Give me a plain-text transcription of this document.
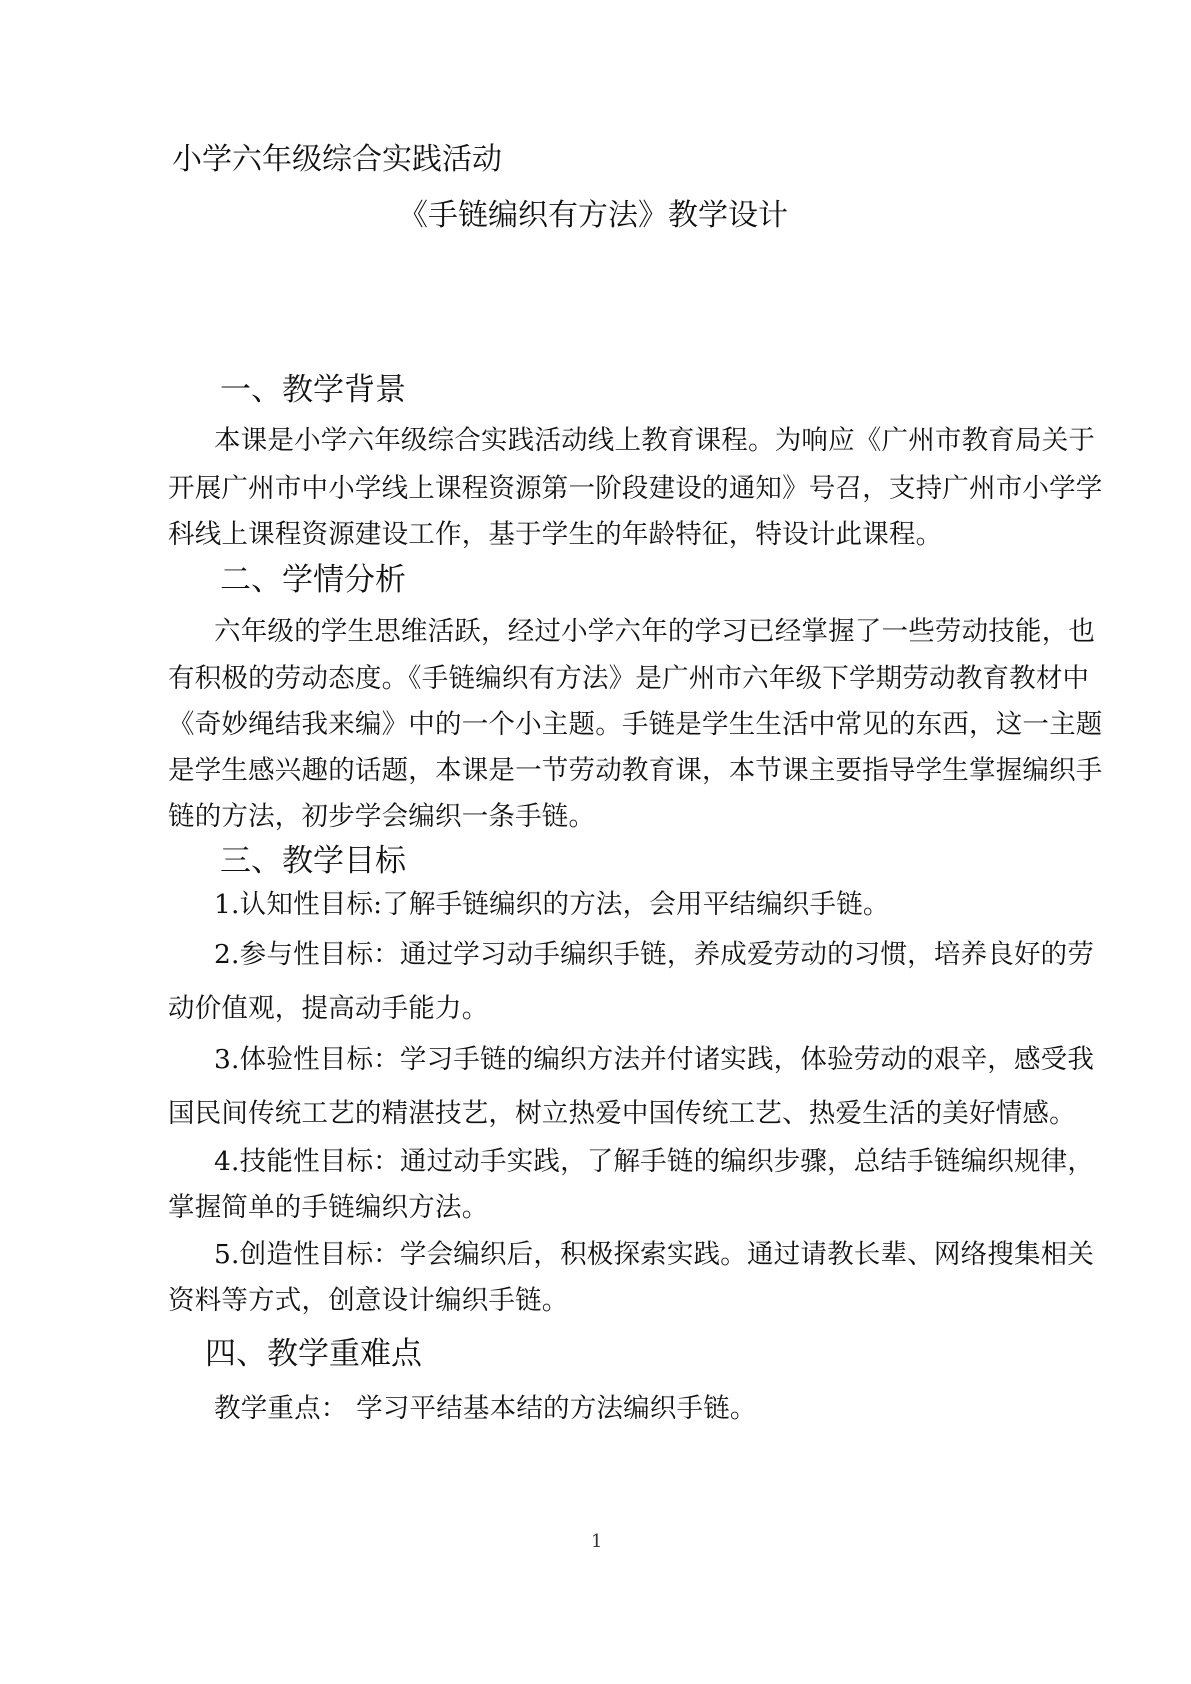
小学六年级综合实践活动

《手链编织有方法》教学设计

一、教学背景

本课是小学六年级综合实践活动线上教育课程。为响应《广州市教育局关于

开展广州市中小学线上课程资源第一阶段建设的通知》号召，支持广州市小学学

科线上课程资源建设工作，基于学生的年龄特征，特设计此课程。

二、学情分析

六年级的学生思维活跃，经过小学六年的学习已经掌握了一些劳动技能，也

有积极的劳动态度。《手链编织有方法》是广州市六年级下学期劳动教育教材中

《奇妙绳结我来编》中的一个小主题。手链是学生生活中常见的东西，这一主题

是学生感兴趣的话题，本课是一节劳动教育课，本节课主要指导学生掌握编织手

链的方法，初步学会编织一条手链。

三、教学目标

1.认知性目标:了解手链编织的方法，会用平结编织手链。

2.参与性目标：通过学习动手编织手链，养成爱劳动的习惯，培养良好的劳

动价值观，提高动手能力。

3.体验性目标：学习手链的编织方法并付诸实践，体验劳动的艰辛，感受我

国民间传统工艺的精湛技艺，树立热爱中国传统工艺、热爱生活的美好情感。

4.技能性目标：通过动手实践，了解手链的编织步骤，总结手链编织规律，

掌握简单的手链编织方法。

5.创造性目标：学会编织后，积极探索实践。通过请教长辈、网络搜集相关

资料等方式，创意设计编织手链。

四、教学重难点

教学重点： 学习平结基本结的方法编织手链。

1
